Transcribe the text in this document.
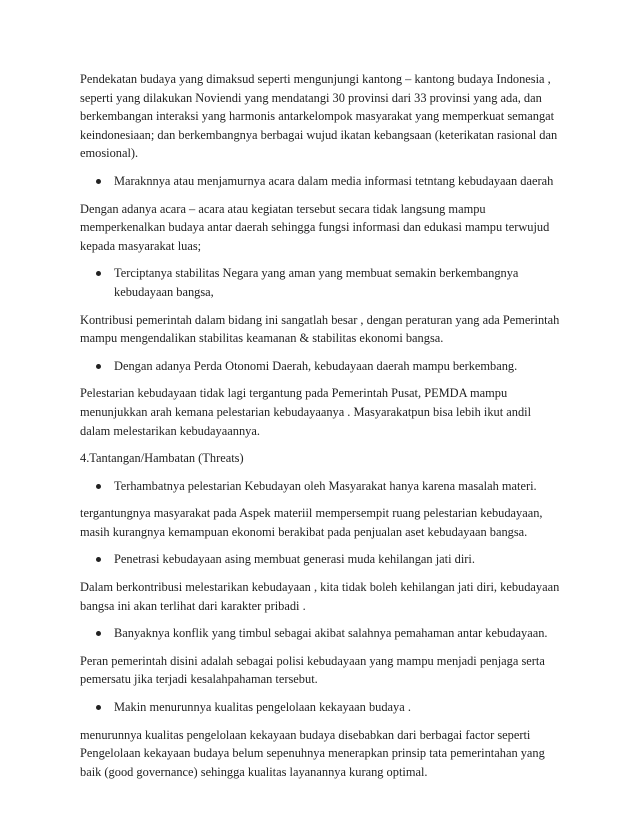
Pendekatan budaya yang dimaksud seperti mengunjungi kantong – kantong budaya Indonesia , seperti yang dilakukan Noviendi yang mendatangi 30 provinsi dari 33 provinsi yang ada, dan berkembangan interaksi yang harmonis antarkelompok masyarakat yang memperkuat semangat keindonesiaan; dan berkembangnya berbagai wujud ikatan kebangsaan (keterikatan rasional dan emosional).

Maraknnya atau menjamurnya acara dalam media informasi tetntang kebudayaan daerah

Dengan adanya acara – acara atau kegiatan tersebut secara tidak langsung mampu memperkenalkan budaya antar daerah sehingga fungsi informasi dan edukasi mampu terwujud kepada masyarakat luas;

Terciptanya stabilitas Negara yang aman yang membuat semakin berkembangnya kebudayaan bangsa,

Kontribusi pemerintah dalam bidang ini sangatlah besar , dengan peraturan yang ada Pemerintah mampu mengendalikan stabilitas keamanan & stabilitas ekonomi bangsa.

Dengan adanya Perda Otonomi Daerah, kebudayaan daerah mampu berkembang.

Pelestarian kebudayaan tidak lagi tergantung pada Pemerintah Pusat, PEMDA mampu menunjukkan arah kemana pelestarian kebudayaanya . Masyarakatpun bisa lebih ikut andil dalam melestarikan kebudayaannya.

4.Tantangan/Hambatan (Threats)

Terhambatnya pelestarian Kebudayan oleh Masyarakat hanya karena masalah materi.

tergantungnya masyarakat pada Aspek materiil mempersempit ruang pelestarian kebudayaan, masih kurangnya kemampuan ekonomi berakibat pada penjualan aset kebudayaan bangsa.

Penetrasi kebudayaan asing membuat generasi muda kehilangan jati diri.

Dalam berkontribusi melestarikan kebudayaan , kita tidak boleh kehilangan jati diri, kebudayaan bangsa ini akan terlihat dari karakter pribadi .

Banyaknya konflik yang timbul sebagai akibat salahnya pemahaman antar kebudayaan.

Peran pemerintah disini adalah sebagai polisi kebudayaan yang mampu menjadi penjaga serta pemersatu jika terjadi kesalahpahaman tersebut.

Makin menurunnya kualitas pengelolaan kekayaan budaya .

menurunnya kualitas pengelolaan kekayaan budaya disebabkan dari berbagai factor seperti Pengelolaan kekayaan budaya belum sepenuhnya menerapkan prinsip tata pemerintahan yang baik (good governance) sehingga kualitas layanannya kurang optimal.
